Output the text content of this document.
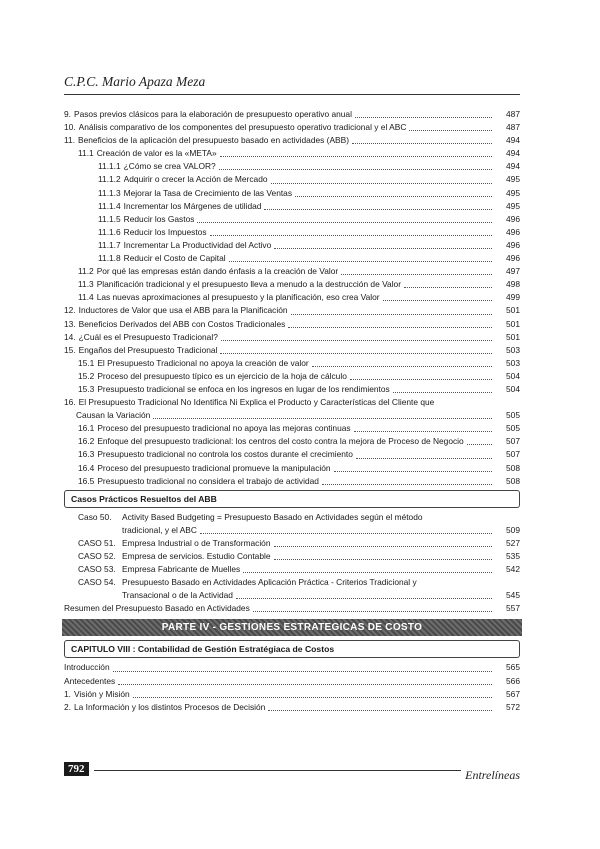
C.P.C. Mario Apaza Meza
9. Pasos previos clásicos para la elaboración de presupuesto operativo anual	487
10. Análisis comparativo de los componentes del presupuesto operativo tradicional y el ABC	487
11. Beneficios de la aplicación del presupuesto basado en actividades (ABB)	494
11.1 Creación de valor es la «META»	494
11.1.1 ¿Cómo se crea VALOR?	494
11.1.2 Adquirir o crecer la Acción de Mercado	495
11.1.3 Mejorar la Tasa de Crecimiento de las Ventas	495
11.1.4 Incrementar los Márgenes de utilidad	495
11.1.5 Reducir los Gastos	496
11.1.6 Reducir los Impuestos	496
11.1.7 Incrementar La Productividad del Activo	496
11.1.8 Reducir el Costo de Capital	496
11.2 Por qué las empresas están dando énfasis a la creación de Valor	497
11.3 Planificación tradicional y el presupuesto lleva a menudo a la destrucción de Valor	498
11.4 Las nuevas aproximaciones al presupuesto y la planificación, eso crea Valor	499
12. Inductores de Valor que usa el ABB para la Planificación	501
13. Beneficios Derivados del ABB con Costos Tradicionales	501
14. ¿Cuál es el Presupuesto Tradicional?	501
15. Engaños del Presupuesto Tradicional	503
15.1 El Presupuesto Tradicional no apoya la creación de valor	503
15.2 Proceso del presupuesto típico es un ejercicio de la hoja de cálculo	504
15.3 Presupuesto tradicional se enfoca en los ingresos en lugar de los rendimientos	504
16. El Presupuesto Tradicional No Identifica Ni Explica el Producto y Características del Cliente que
Causan la Variación	505
16.1 Proceso del presupuesto tradicional no apoya las mejoras continuas	505
16.2 Enfoque del presupuesto tradicional: los centros del costo contra la mejora de Proceso de Negocio	507
16.3 Presupuesto tradicional no controla los costos durante el crecimiento	507
16.4 Proceso del presupuesto tradicional promueve la manipulación	508
16.5 Presupuesto tradicional no considera el trabajo de actividad	508
Casos Prácticos Resueltos del ABB
Caso 50.	Activity Based Budgeting = Presupuesto Basado en Actividades según el método
tradicional, y el ABC	509
CASO 51. Empresa Industrial o de Transformación	527
CASO 52. Empresa de servicios. Estudio Contable	535
CASO 53. Empresa Fabricante de Muelles	542
CASO 54. Presupuesto Basado en Actividades Aplicación Práctica - Criterios Tradicional y
Transacional o de la Actividad	545
Resumen del Presupuesto Basado en Actividades	557
PARTE IV - GESTIONES ESTRATEGICAS DE COSTO
CAPITULO VIII : Contabilidad de Gestión Estratégiaca de Costos
Introducción	565
Antecedentes	566
1. Visión y Misión	567
2. La Información y los distintos Procesos de Decisión	572
792	Entrelíneas
